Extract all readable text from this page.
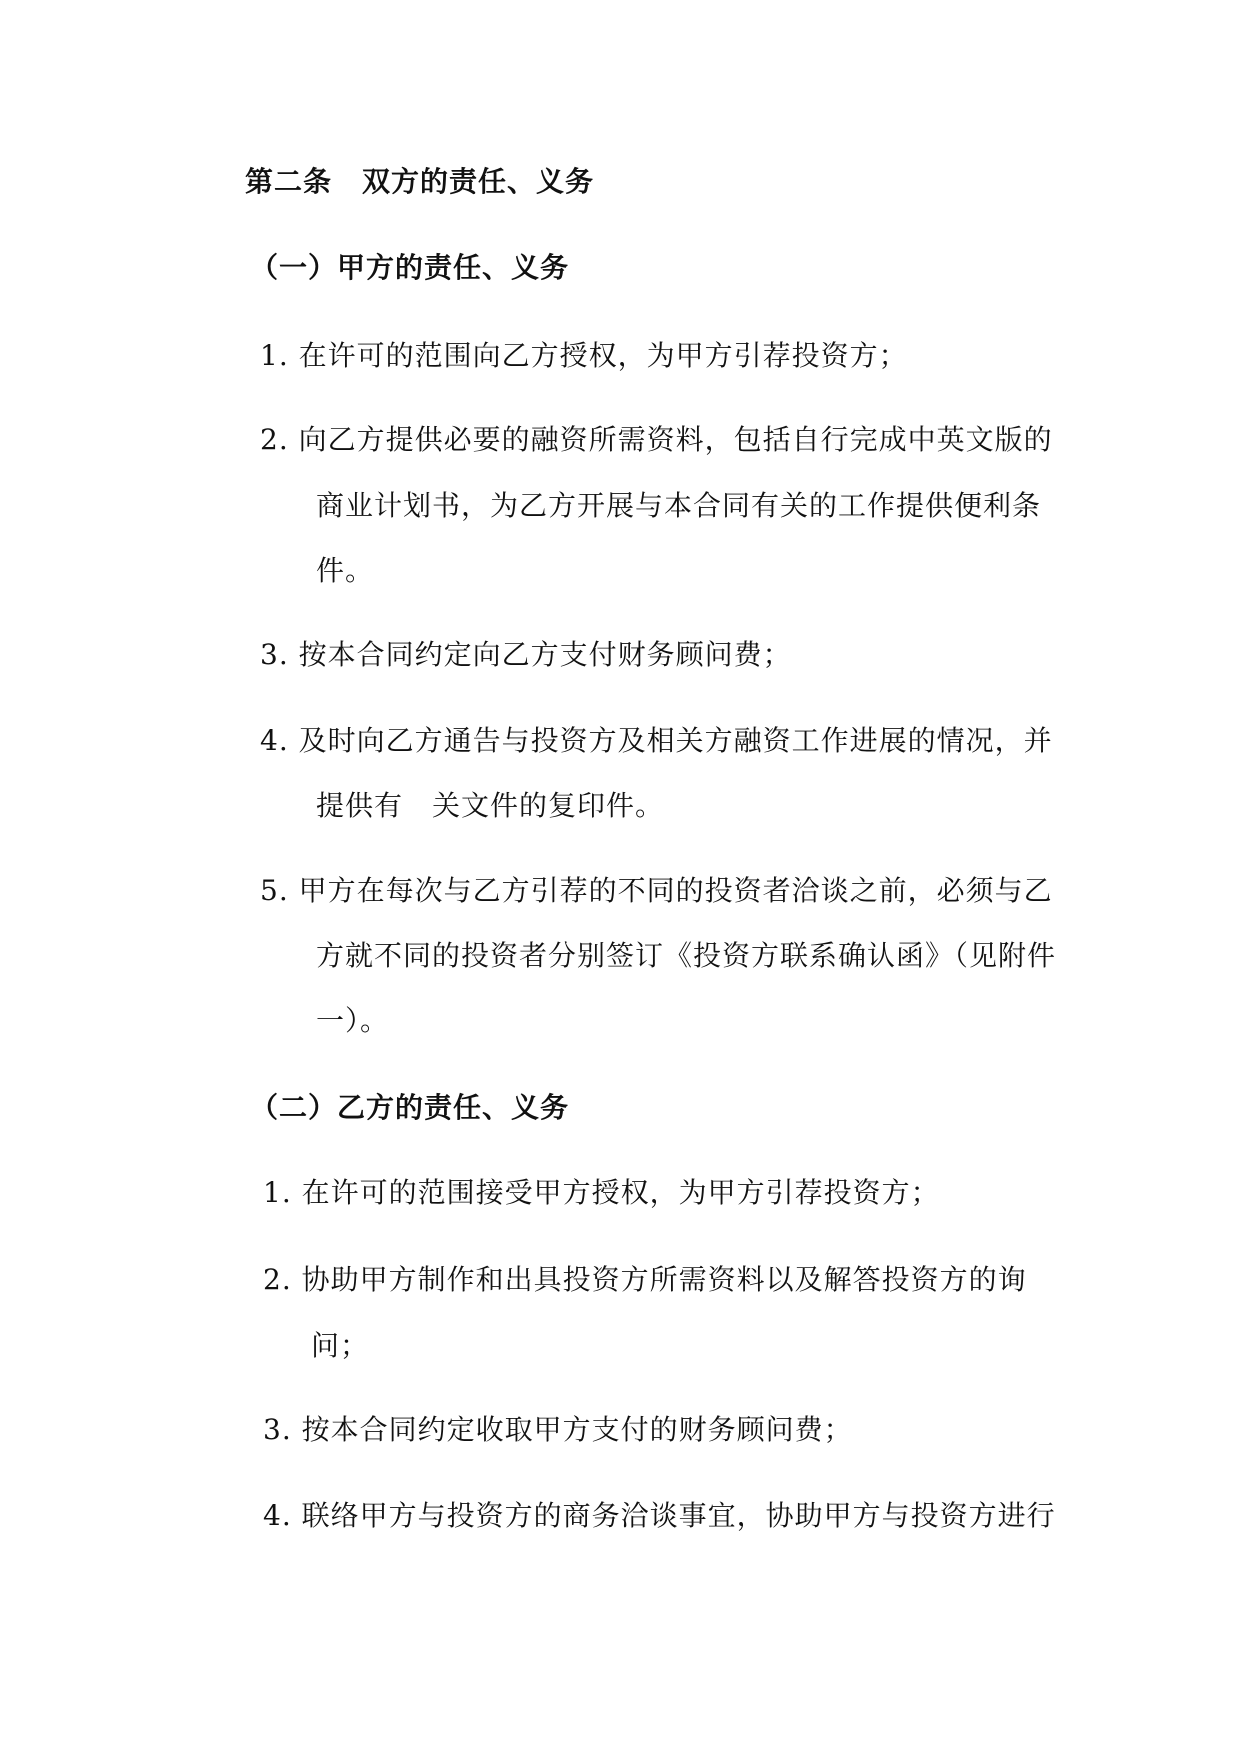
第二条 双方的责任、义务
（一）甲方的责任、义务
1. 在许可的范围向乙方授权，为甲方引荐投资方；
2. 向乙方提供必要的融资所需资料，包括自行完成中英文版的
商业计划书，为乙方开展与本合同有关的工作提供便利条
件。
3. 按本合同约定向乙方支付财务顾问费；
4. 及时向乙方通告与投资方及相关方融资工作进展的情况，并
提供有　关文件的复印件。
5. 甲方在每次与乙方引荐的不同的投资者洽谈之前，必须与乙
方就不同的投资者分别签订《投资方联系确认函》（见附件
一）。
（二）乙方的责任、义务
1. 在许可的范围接受甲方授权，为甲方引荐投资方；
2. 协助甲方制作和出具投资方所需资料以及解答投资方的询
问；
3. 按本合同约定收取甲方支付的财务顾问费；
4. 联络甲方与投资方的商务洽谈事宜，协助甲方与投资方进行
